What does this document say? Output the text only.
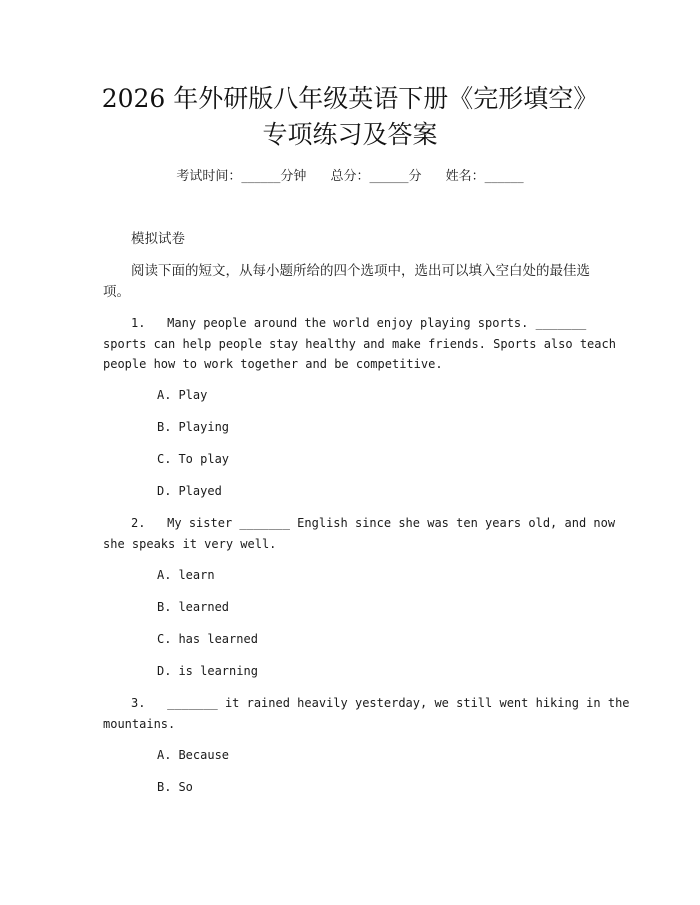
2026 年外研版八年级英语下册《完形填空》
专项练习及答案
考试时间：______分钟 总分：______分 姓名：______
模拟试卷
阅读下面的短文，从每小题所给的四个选项中，选出可以填入空白处的最佳选
项。
1. Many people around the world enjoy playing sports. _______
sports can help people stay healthy and make friends. Sports also teach
people how to work together and be competitive.
A. Play
B. Playing
C. To play
D. Played
2. My sister _______ English since she was ten years old, and now
she speaks it very well.
A. learn
B. learned
C. has learned
D. is learning
3. _______ it rained heavily yesterday, we still went hiking in the
mountains.
A. Because
B. So
